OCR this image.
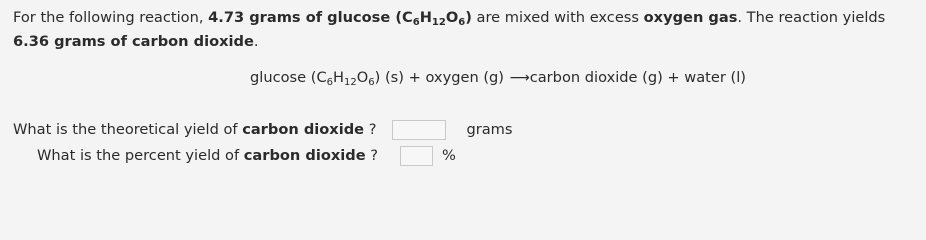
For the following reaction, 4.73 grams of glucose $(C_6H_{12}O_6)$ are mixed with excess oxygen gas. The reaction yields 6.36 grams of carbon dioxide.
glucose $(C_6H_{12}O_6) (s)$ + oxygen (g) ⟶carbon dioxide (g) + water (l)
What is the theoretical yield of carbon dioxide ?	grams
What is the percent yield of carbon dioxide ?	%
